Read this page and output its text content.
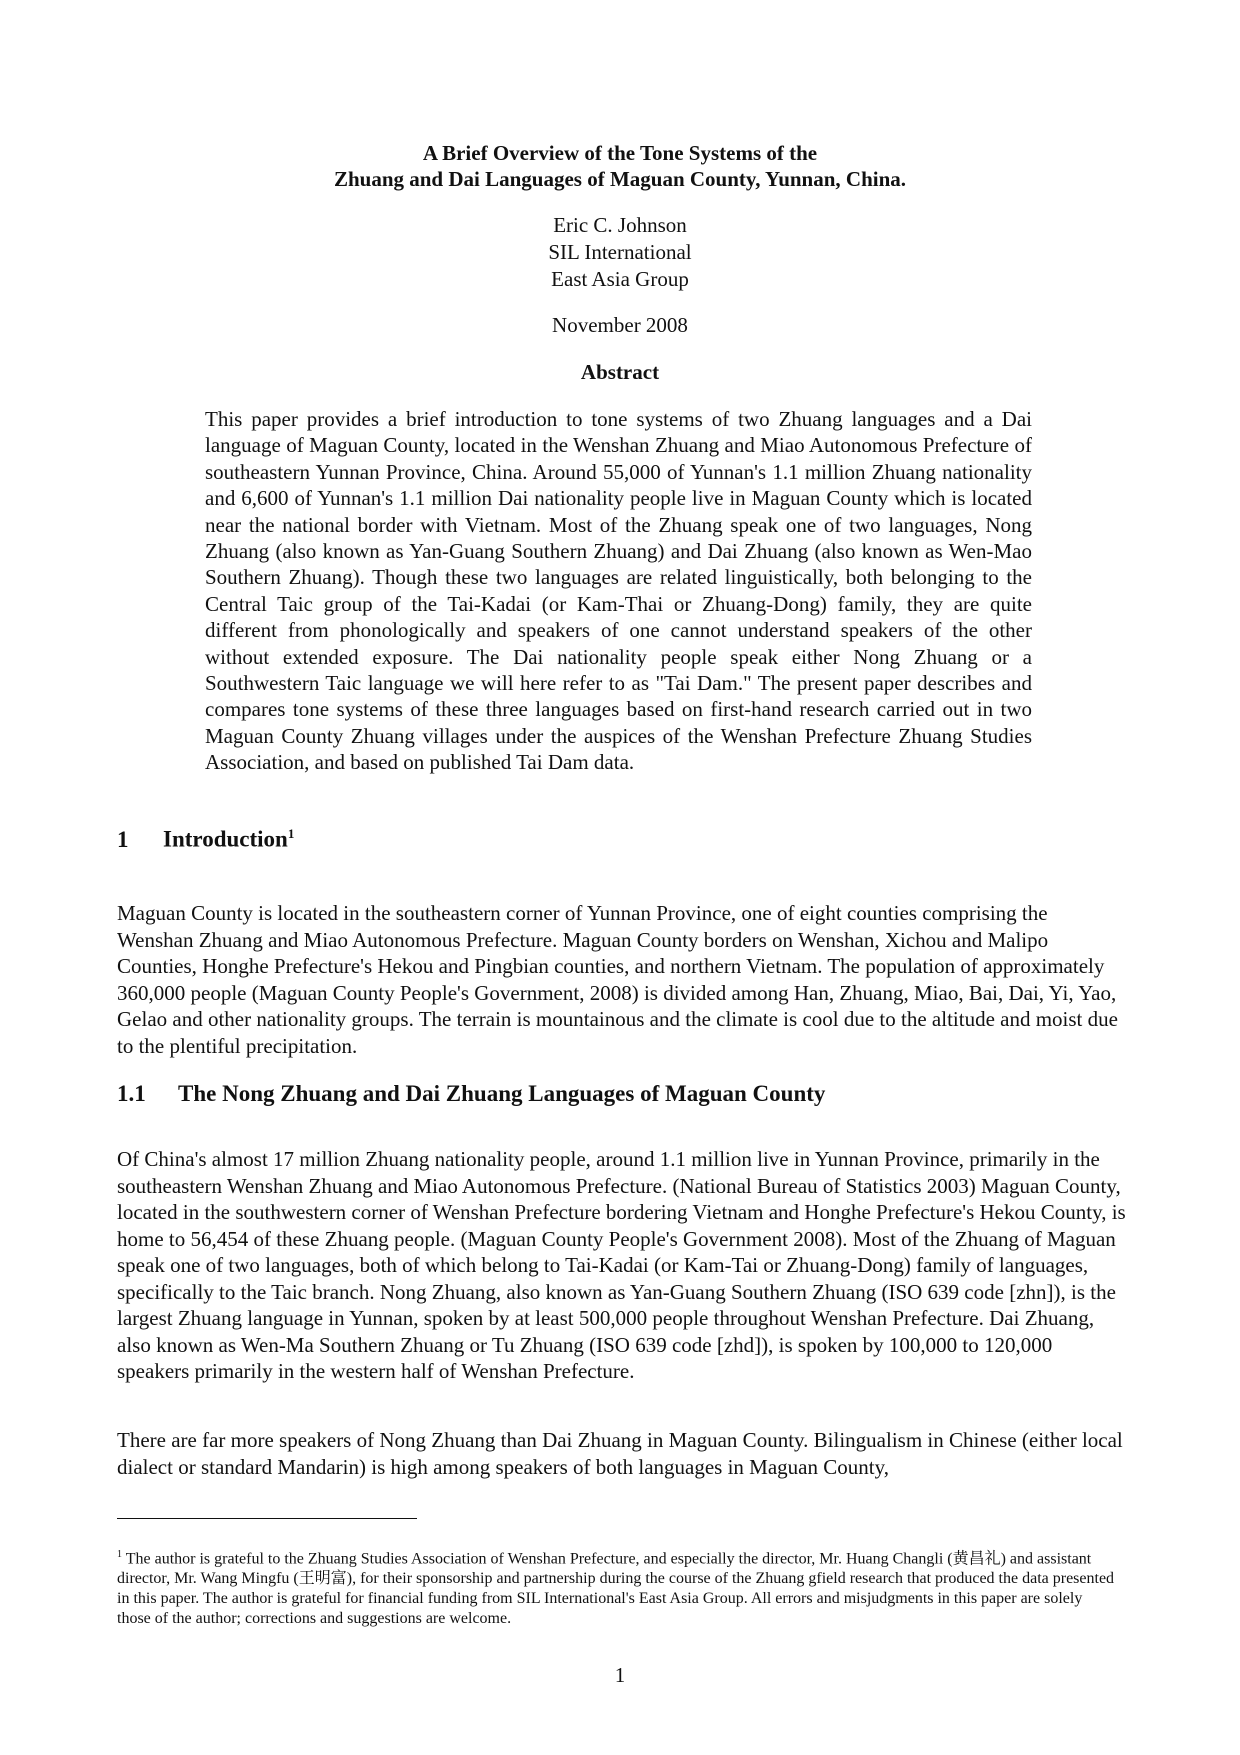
A Brief Overview of the Tone Systems of the
Zhuang and Dai Languages of Maguan County, Yunnan, China.
Eric C. Johnson
SIL International
East Asia Group
November 2008
Abstract

This paper provides a brief introduction to tone systems of two Zhuang languages and a Dai language of Maguan County, located in the Wenshan Zhuang and Miao Autonomous Prefecture of southeastern Yunnan Province, China. Around 55,000 of Yunnan's 1.1 million Zhuang nationality and 6,600 of Yunnan's 1.1 million Dai nationality people live in Maguan County which is located near the national border with Vietnam. Most of the Zhuang speak one of two languages, Nong Zhuang (also known as Yan-Guang Southern Zhuang) and Dai Zhuang (also known as Wen-Mao Southern Zhuang). Though these two languages are related linguistically, both belonging to the Central Taic group of the Tai-Kadai (or Kam-Thai or Zhuang-Dong) family, they are quite different from phonologically and speakers of one cannot understand speakers of the other without extended exposure. The Dai nationality people speak either Nong Zhuang or a Southwestern Taic language we will here refer to as "Tai Dam." The present paper describes and compares tone systems of these three languages based on first-hand research carried out in two Maguan County Zhuang villages under the auspices of the Wenshan Prefecture Zhuang Studies Association, and based on published Tai Dam data.

1 Introduction$^1$

Maguan County is located in the southeastern corner of Yunnan Province, one of eight counties comprising the Wenshan Zhuang and Miao Autonomous Prefecture. Maguan County borders on Wenshan, Xichou and Malipo Counties, Honghe Prefecture's Hekou and Pingbian counties, and northern Vietnam. The population of approximately 360,000 people (Maguan County People's Government, 2008) is divided among Han, Zhuang, Miao, Bai, Dai, Yi, Yao, Gelao and other nationality groups. The terrain is mountainous and the climate is cool due to the altitude and moist due to the plentiful precipitation.

1.1 The Nong Zhuang and Dai Zhuang Languages of Maguan County

Of China's almost 17 million Zhuang nationality people, around 1.1 million live in Yunnan Province, primarily in the southeastern Wenshan Zhuang and Miao Autonomous Prefecture. (National Bureau of Statistics 2003) Maguan County, located in the southwestern corner of Wenshan Prefecture bordering Vietnam and Honghe Prefecture's Hekou County, is home to 56,454 of these Zhuang people. (Maguan County People's Government 2008). Most of the Zhuang of Maguan speak one of two languages, both of which belong to Tai-Kadai (or Kam-Tai or Zhuang-Dong) family of languages, specifically to the Taic branch. Nong Zhuang, also known as Yan-Guang Southern Zhuang (ISO 639 code [zhn]), is the largest Zhuang language in Yunnan, spoken by at least 500,000 people throughout Wenshan Prefecture. Dai Zhuang, also known as Wen-Ma Southern Zhuang or Tu Zhuang (ISO 639 code [zhd]), is spoken by 100,000 to 120,000 speakers primarily in the western half of Wenshan Prefecture.

There are far more speakers of Nong Zhuang than Dai Zhuang in Maguan County. Bilingualism in Chinese (either local dialect or standard Mandarin) is high among speakers of both languages in Maguan County,

$^1$ The author is grateful to the Zhuang Studies Association of Wenshan Prefecture, and especially the director, Mr. Huang Changli (黄昌礼) and assistant director, Mr. Wang Mingfu (王明富), for their sponsorship and partnership during the course of the Zhuang gfield research that produced the data presented in this paper. The author is grateful for financial funding from SIL International's East Asia Group. All errors and misjudgments in this paper are solely those of the author; corrections and suggestions are welcome.

1
